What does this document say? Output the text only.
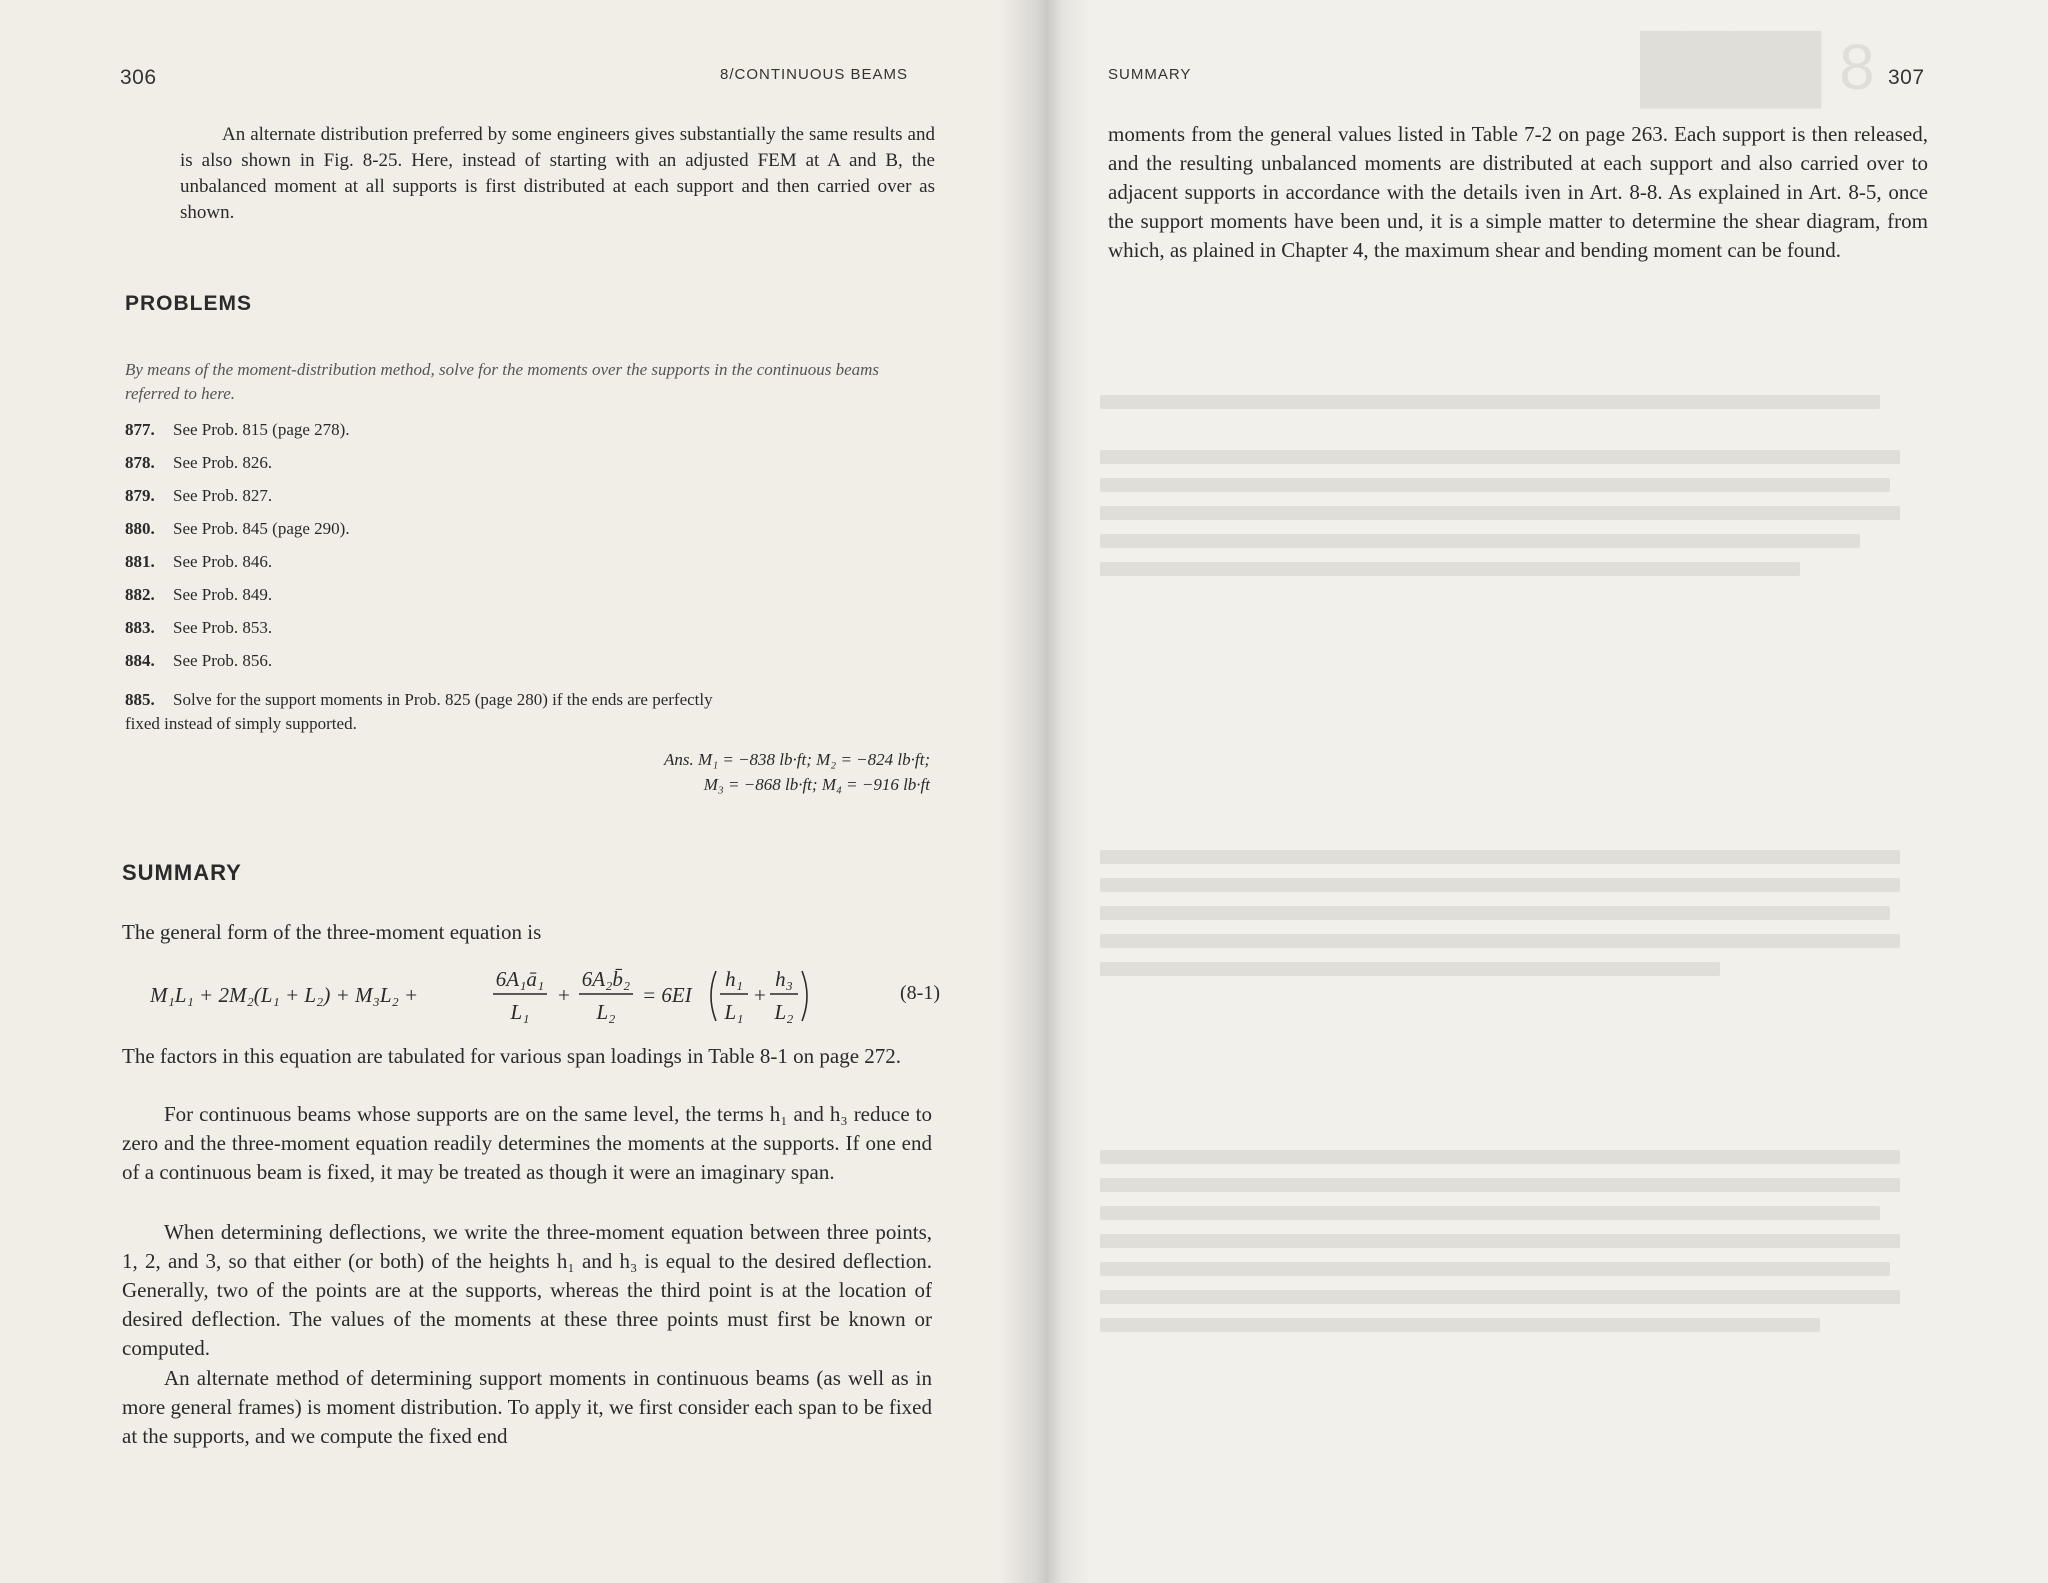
306	8/CONTINUOUS BEAMS
An alternate distribution preferred by some engineers gives substantially the same results and is also shown in Fig. 8-25. Here, instead of starting with an adjusted FEM at A and B, the unbalanced moment at all supports is first distributed at each support and then carried over as shown.
PROBLEMS
By means of the moment-distribution method, solve for the moments over the supports in the continuous beams referred to here.
877. See Prob. 815 (page 278).
878. See Prob. 826.
879. See Prob. 827.
880. See Prob. 845 (page 290).
881. See Prob. 846.
882. See Prob. 849.
883. See Prob. 853.
884. See Prob. 856.
885. Solve for the support moments in Prob. 825 (page 280) if the ends are perfectly
fixed instead of simply supported.
Ans. M₁ = −838 lb·ft; M₂ = −824 lb·ft;
M₃ = −868 lb·ft; M₄ = −916 lb·ft
SUMMARY
The general form of the three-moment equation is
M₁L₁ + 2M₂(L₁ + L₂) + M₃L₂ +
6A₁ā₁
L₁
+
6A₂b̄₂
L₂
= 6EI
h₁
L₁
+
h₃
L₂
(8-1)
The factors in this equation are tabulated for various span loadings in Table 8-1 on page 272.
For continuous beams whose supports are on the same level, the terms h₁ and h₃ reduce to zero and the three-moment equation readily determines the moments at the supports. If one end of a continuous beam is fixed, it may be treated as though it were an imaginary span.
When determining deflections, we write the three-moment equation between three points, 1, 2, and 3, so that either (or both) of the heights h₁ and h₃ is equal to the desired deflection. Generally, two of the points are at the supports, whereas the third point is at the location of desired deflection. The values of the moments at these three points must first be known or computed.
An alternate method of determining support moments in continuous beams (as well as in more general frames) is moment distribution. To apply it, we first consider each span to be fixed at the supports, and we compute the fixed end
SUMMARY	307
moments from the general values listed in Table 7-2 on page 263. Each support is then released, and the resulting unbalanced moments are distributed at each support and also carried over to adjacent supports in accordance with the details iven in Art. 8-8. As explained in Art. 8-5, once the support moments have been und, it is a simple matter to determine the shear diagram, from which, as plained in Chapter 4, the maximum shear and bending moment can be found.
